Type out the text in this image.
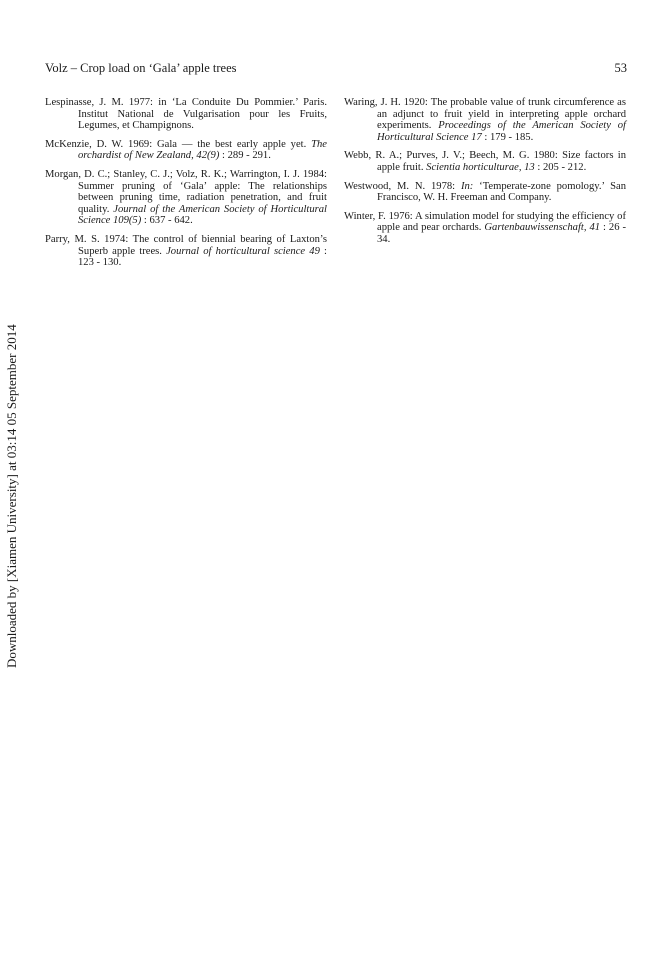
Volz – Crop load on ‘Gala’ apple trees	53

Lespinasse, J. M. 1977: in ‘La Conduite Du Pommier.’ Paris. Institut National de Vulgarisation pour les Fruits, Legumes, et Champignons.

McKenzie, D. W. 1969: Gala — the best early apple yet. The orchardist of New Zealand, 42(9) : 289 - 291.

Morgan, D. C.; Stanley, C. J.; Volz, R. K.; Warrington, I. J. 1984: Summer pruning of ‘Gala’ apple: The relationships between pruning time, radiation penetration, and fruit quality. Journal of the American Society of Horticultural Science 109(5) : 637 - 642.

Parry, M. S. 1974: The control of biennial bearing of Laxton’s Superb apple trees. Journal of horticultural science 49 : 123 - 130.

Waring, J. H. 1920: The probable value of trunk circumference as an adjunct to fruit yield in interpreting apple orchard experiments. Proceedings of the American Society of Horticultural Science 17 : 179 - 185.

Webb, R. A.; Purves, J. V.; Beech, M. G. 1980: Size factors in apple fruit. Scientia horticulturae, 13 : 205 - 212.

Westwood, M. N. 1978: In: ‘Temperate-zone pomology.’ San Francisco, W. H. Freeman and Company.

Winter, F. 1976: A simulation model for studying the efficiency of apple and pear orchards. Gartenbauwissenschaft, 41 : 26 - 34.

Downloaded by [Xiamen University] at 03:14 05 September 2014
